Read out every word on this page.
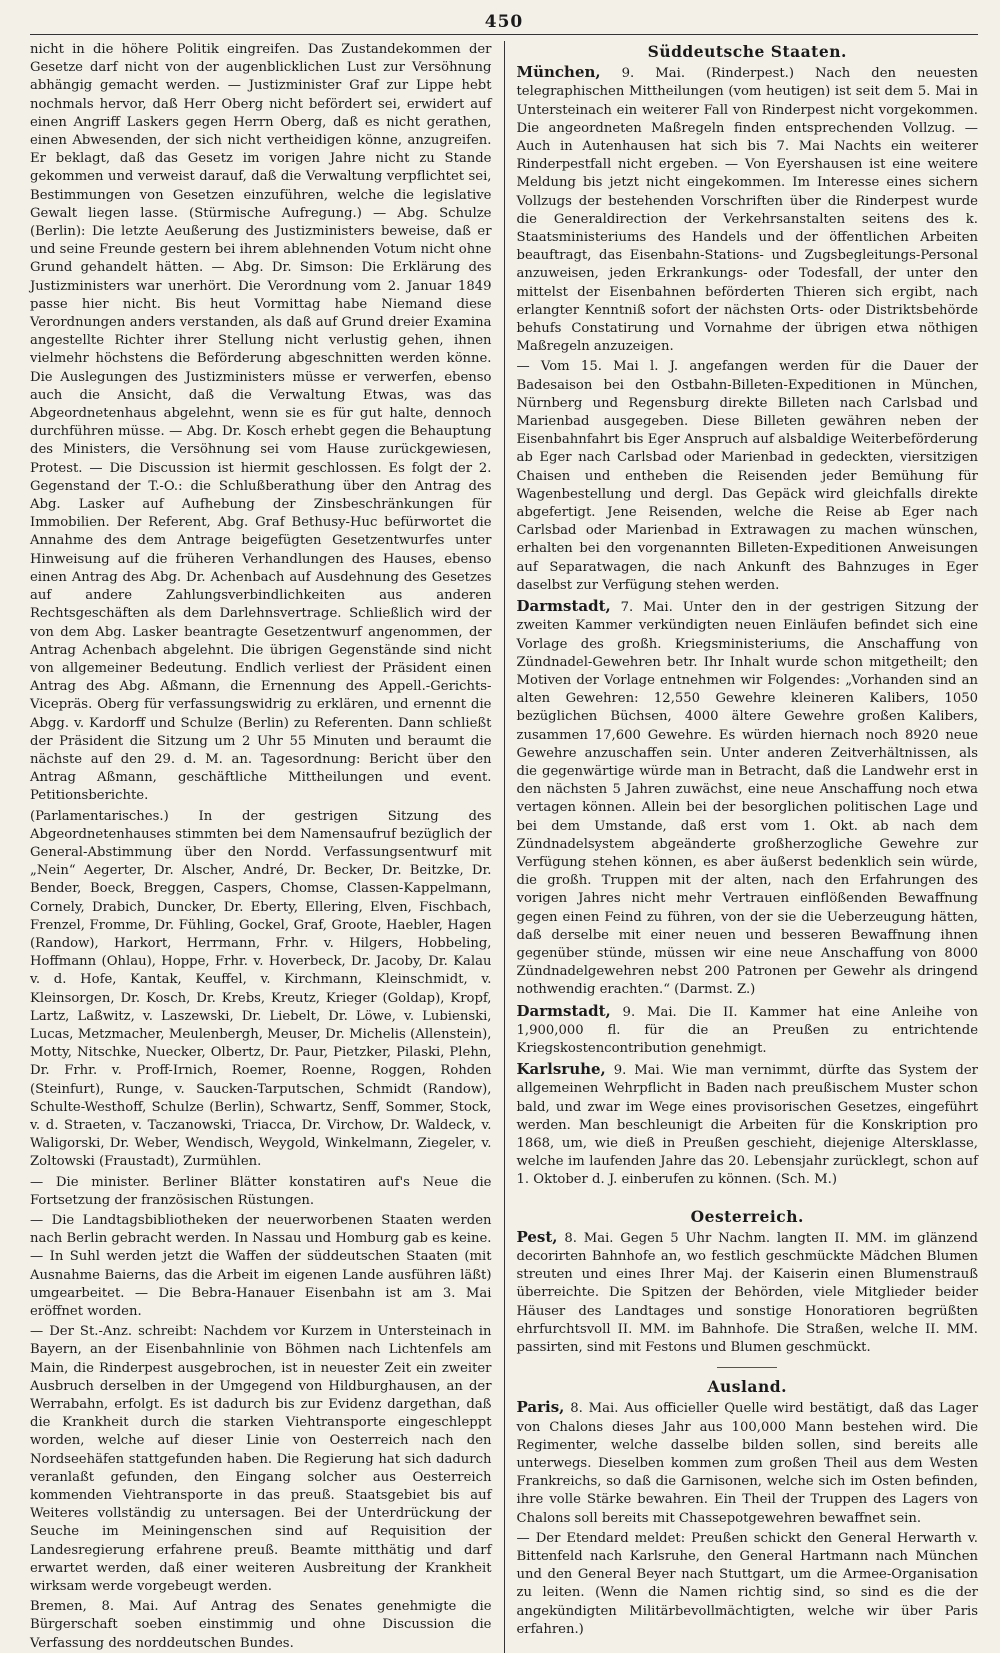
450

nicht in die höhere Politik eingreifen. Das Zustandekommen der Gesetze darf nicht von der augenblicklichen Lust zur Versöhnung abhängig gemacht werden. — Justizminister Graf zur Lippe hebt nochmals hervor, daß Herr Oberg nicht befördert sei, erwidert auf einen Angriff Laskers gegen Herrn Oberg, daß es nicht gerathen, einen Abwesenden, der sich nicht vertheidigen könne, anzugreifen. Er beklagt, daß das Gesetz im vorigen Jahre nicht zu Stande gekommen und verweist darauf, daß die Verwaltung verpflichtet sei, Bestimmungen von Gesetzen einzuführen, welche die legislative Gewalt liegen lasse. (Stürmische Aufregung.) — Abg. Schulze (Berlin): Die letzte Aeußerung des Justizministers beweise, daß er und seine Freunde gestern bei ihrem ablehnenden Votum nicht ohne Grund gehandelt hätten. — Abg. Dr. Simson: Die Erklärung des Justizministers war unerhört. Die Verordnung vom 2. Januar 1849 passe hier nicht. Bis heut Vormittag habe Niemand diese Verordnungen anders verstanden, als daß auf Grund dreier Examina angestellte Richter ihrer Stellung nicht verlustig gehen, ihnen vielmehr höchstens die Beförderung abgeschnitten werden könne. Die Auslegungen des Justizministers müsse er verwerfen, ebenso auch die Ansicht, daß die Verwaltung Etwas, was das Abgeordnetenhaus abgelehnt, wenn sie es für gut halte, dennoch durchführen müsse. — Abg. Dr. Kosch erhebt gegen die Behauptung des Ministers, die Versöhnung sei vom Hause zurückgewiesen, Protest. — Die Discussion ist hiermit geschlossen. Es folgt der 2. Gegenstand der T.-O.: die Schlußberathung über den Antrag des Abg. Lasker auf Aufhebung der Zinsbeschränkungen für Immobilien. Der Referent, Abg. Graf Bethusy-Huc befürwortet die Annahme des dem Antrage beigefügten Gesetzentwurfes unter Hinweisung auf die früheren Verhandlungen des Hauses, ebenso einen Antrag des Abg. Dr. Achenbach auf Ausdehnung des Gesetzes auf andere Zahlungsverbindlichkeiten aus anderen Rechtsgeschäften als dem Darlehnsvertrage. Schließlich wird der von dem Abg. Lasker beantragte Gesetzentwurf angenommen, der Antrag Achenbach abgelehnt. Die übrigen Gegenstände sind nicht von allgemeiner Bedeutung. Endlich verliest der Präsident einen Antrag des Abg. Aßmann, die Ernennung des Appell.-Gerichts-Vicepräs. Oberg für verfassungswidrig zu erklären, und ernennt die Abgg. v. Kardorff und Schulze (Berlin) zu Referenten. Dann schließt der Präsident die Sitzung um 2 Uhr 55 Minuten und beraumt die nächste auf den 29. d. M. an. Tagesordnung: Bericht über den Antrag Aßmann, geschäftliche Mittheilungen und event. Petitionsberichte.

(Parlamentarisches.) In der gestrigen Sitzung des Abgeordnetenhauses stimmten bei dem Namensaufruf bezüglich der General-Abstimmung über den Nordd. Verfassungsentwurf mit „Nein“ Aegerter, Dr. Alscher, André, Dr. Becker, Dr. Beitzke, Dr. Bender, Boeck, Breggen, Caspers, Chomse, Classen-Kappelmann, Cornely, Drabich, Duncker, Dr. Eberty, Ellering, Elven, Fischbach, Frenzel, Fromme, Dr. Fühling, Gockel, Graf, Groote, Haebler, Hagen (Randow), Harkort, Herrmann, Frhr. v. Hilgers, Hobbeling, Hoffmann (Ohlau), Hoppe, Frhr. v. Hoverbeck, Dr. Jacoby, Dr. Kalau v. d. Hofe, Kantak, Keuffel, v. Kirchmann, Kleinschmidt, v. Kleinsorgen, Dr. Kosch, Dr. Krebs, Kreutz, Krieger (Goldap), Kropf, Lartz, Laßwitz, v. Laszewski, Dr. Liebelt, Dr. Löwe, v. Lubienski, Lucas, Metzmacher, Meulenbergh, Meuser, Dr. Michelis (Allenstein), Motty, Nitschke, Nuecker, Olbertz, Dr. Paur, Pietzker, Pilaski, Plehn, Dr. Frhr. v. Proff-Irnich, Roemer, Roenne, Roggen, Rohden (Steinfurt), Runge, v. Saucken-Tarputschen, Schmidt (Randow), Schulte-Westhoff, Schulze (Berlin), Schwartz, Senff, Sommer, Stock, v. d. Straeten, v. Taczanowski, Triacca, Dr. Virchow, Dr. Waldeck, v. Waligorski, Dr. Weber, Wendisch, Weygold, Winkelmann, Ziegeler, v. Zoltowski (Fraustadt), Zurmühlen.

— Die minister. Berliner Blätter konstatiren auf's Neue die Fortsetzung der französischen Rüstungen.

— Die Landtagsbibliotheken der neuerworbenen Staaten werden nach Berlin gebracht werden. In Nassau und Homburg gab es keine. — In Suhl werden jetzt die Waffen der süddeutschen Staaten (mit Ausnahme Baierns, das die Arbeit im eigenen Lande ausführen läßt) umgearbeitet. — Die Bebra-Hanauer Eisenbahn ist am 3. Mai eröffnet worden.

— Der St.-Anz. schreibt: Nachdem vor Kurzem in Untersteinach in Bayern, an der Eisenbahnlinie von Böhmen nach Lichtenfels am Main, die Rinderpest ausgebrochen, ist in neuester Zeit ein zweiter Ausbruch derselben in der Umgegend von Hildburghausen, an der Werrabahn, erfolgt. Es ist dadurch bis zur Evidenz dargethan, daß die Krankheit durch die starken Viehtransporte eingeschleppt worden, welche auf dieser Linie von Oesterreich nach den Nordseehäfen stattgefunden haben. Die Regierung hat sich dadurch veranlaßt gefunden, den Eingang solcher aus Oesterreich kommenden Viehtransporte in das preuß. Staatsgebiet bis auf Weiteres vollständig zu untersagen. Bei der Unterdrückung der Seuche im Meiningenschen sind auf Requisition der Landesregierung erfahrene preuß. Beamte mitthätig und darf erwartet werden, daß einer weiteren Ausbreitung der Krankheit wirksam werde vorgebeugt werden.

Bremen, 8. Mai. Auf Antrag des Senates genehmigte die Bürgerschaft soeben einstimmig und ohne Discussion die Verfassung des norddeutschen Bundes.

Süddeutsche Staaten.

München, 9. Mai. (Rinderpest.) Nach den neuesten telegraphischen Mittheilungen (vom heutigen) ist seit dem 5. Mai in Untersteinach ein weiterer Fall von Rinderpest nicht vorgekommen. Die angeordneten Maßregeln finden entsprechenden Vollzug. — Auch in Autenhausen hat sich bis 7. Mai Nachts ein weiterer Rinderpestfall nicht ergeben. — Von Eyershausen ist eine weitere Meldung bis jetzt nicht eingekommen. Im Interesse eines sichern Vollzugs der bestehenden Vorschriften über die Rinderpest wurde die Generaldirection der Verkehrsanstalten seitens des k. Staatsministeriums des Handels und der öffentlichen Arbeiten beauftragt, das Eisenbahn-Stations- und Zugsbegleitungs-Personal anzuweisen, jeden Erkrankungs- oder Todesfall, der unter den mittelst der Eisenbahnen beförderten Thieren sich ergibt, nach erlangter Kenntniß sofort der nächsten Orts- oder Distriktsbehörde behufs Constatirung und Vornahme der übrigen etwa nöthigen Maßregeln anzuzeigen.

— Vom 15. Mai l. J. angefangen werden für die Dauer der Badesaison bei den Ostbahn-Billeten-Expeditionen in München, Nürnberg und Regensburg direkte Billeten nach Carlsbad und Marienbad ausgegeben. Diese Billeten gewähren neben der Eisenbahnfahrt bis Eger Anspruch auf alsbaldige Weiterbeförderung ab Eger nach Carlsbad oder Marienbad in gedeckten, viersitzigen Chaisen und entheben die Reisenden jeder Bemühung für Wagenbestellung und dergl. Das Gepäck wird gleichfalls direkte abgefertigt. Jene Reisenden, welche die Reise ab Eger nach Carlsbad oder Marienbad in Extrawagen zu machen wünschen, erhalten bei den vorgenannten Billeten-Expeditionen Anweisungen auf Separatwagen, die nach Ankunft des Bahnzuges in Eger daselbst zur Verfügung stehen werden.

Darmstadt, 7. Mai. Unter den in der gestrigen Sitzung der zweiten Kammer verkündigten neuen Einläufen befindet sich eine Vorlage des großh. Kriegsministeriums, die Anschaffung von Zündnadel-Gewehren betr. Ihr Inhalt wurde schon mitgetheilt; den Motiven der Vorlage entnehmen wir Folgendes: „Vorhanden sind an alten Gewehren: 12,550 Gewehre kleineren Kalibers, 1050 bezüglichen Büchsen, 4000 ältere Gewehre großen Kalibers, zusammen 17,600 Gewehre. Es würden hiernach noch 8920 neue Gewehre anzuschaffen sein. Unter anderen Zeitverhältnissen, als die gegenwärtige würde man in Betracht, daß die Landwehr erst in den nächsten 5 Jahren zuwächst, eine neue Anschaffung noch etwa vertagen können. Allein bei der besorglichen politischen Lage und bei dem Umstande, daß erst vom 1. Okt. ab nach dem Zündnadelsystem abgeänderte großherzogliche Gewehre zur Verfügung stehen können, es aber äußerst bedenklich sein würde, die großh. Truppen mit der alten, nach den Erfahrungen des vorigen Jahres nicht mehr Vertrauen einflößenden Bewaffnung gegen einen Feind zu führen, von der sie die Ueberzeugung hätten, daß derselbe mit einer neuen und besseren Bewaffnung ihnen gegenüber stünde, müssen wir eine neue Anschaffung von 8000 Zündnadelgewehren nebst 200 Patronen per Gewehr als dringend nothwendig erachten.“ (Darmst. Z.)

Darmstadt, 9. Mai. Die II. Kammer hat eine Anleihe von 1,900,000 fl. für die an Preußen zu entrichtende Kriegskostencontribution genehmigt.

Karlsruhe, 9. Mai. Wie man vernimmt, dürfte das System der allgemeinen Wehrpflicht in Baden nach preußischem Muster schon bald, und zwar im Wege eines provisorischen Gesetzes, eingeführt werden. Man beschleunigt die Arbeiten für die Konskription pro 1868, um, wie dieß in Preußen geschieht, diejenige Altersklasse, welche im laufenden Jahre das 20. Lebensjahr zurücklegt, schon auf 1. Oktober d. J. einberufen zu können. (Sch. M.)

Oesterreich.

Pest, 8. Mai. Gegen 5 Uhr Nachm. langten II. MM. im glänzend decorirten Bahnhofe an, wo festlich geschmückte Mädchen Blumen streuten und eines Ihrer Maj. der Kaiserin einen Blumenstrauß überreichte. Die Spitzen der Behörden, viele Mitglieder beider Häuser des Landtages und sonstige Honoratioren begrüßten ehrfurchtsvoll II. MM. im Bahnhofe. Die Straßen, welche II. MM. passirten, sind mit Festons und Blumen geschmückt.

Ausland.

Paris, 8. Mai. Aus officieller Quelle wird bestätigt, daß das Lager von Chalons dieses Jahr aus 100,000 Mann bestehen wird. Die Regimenter, welche dasselbe bilden sollen, sind bereits alle unterwegs. Dieselben kommen zum großen Theil aus dem Westen Frankreichs, so daß die Garnisonen, welche sich im Osten befinden, ihre volle Stärke bewahren. Ein Theil der Truppen des Lagers von Chalons soll bereits mit Chassepotgewehren bewaffnet sein.

— Der Etendard meldet: Preußen schickt den General Herwarth v. Bittenfeld nach Karlsruhe, den General Hartmann nach München und den General Beyer nach Stuttgart, um die Armee-Organisation zu leiten. (Wenn die Namen richtig sind, so sind es die der angekündigten Militärbevollmächtigten, welche wir über Paris erfahren.)
